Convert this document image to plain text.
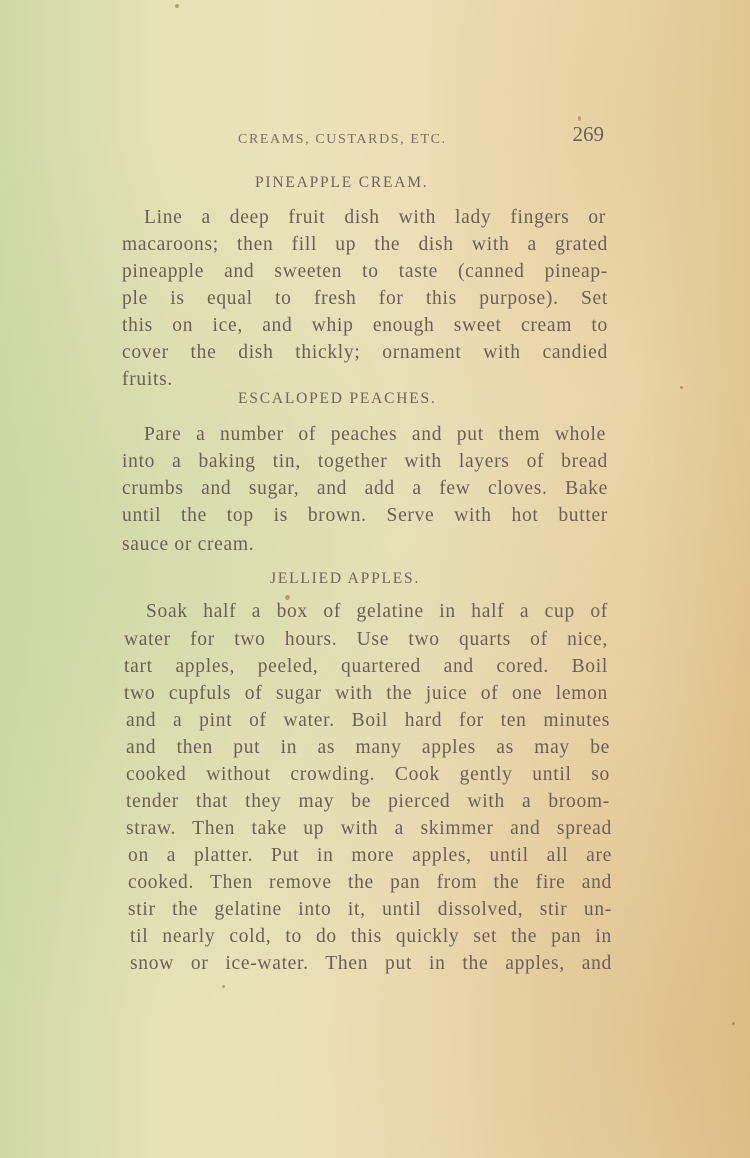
CREAMS, CUSTARDS, ETC.	269
PINEAPPLE CREAM.
Line a deep fruit dish with lady fingers or
macaroons; then fill up the dish with a grated
pineapple and sweeten to taste (canned pineap-
ple is equal to fresh for this purpose). Set
this on ice, and whip enough sweet cream to
cover the dish thickly; ornament with candied
fruits.
ESCALOPED PEACHES.
Pare a number of peaches and put them whole
into a baking tin, together with layers of bread
crumbs and sugar, and add a few cloves. Bake
until the top is brown. Serve with hot butter
sauce or cream.
JELLIED APPLES.
Soak half a box of gelatine in half a cup of
water for two hours. Use two quarts of nice,
tart apples, peeled, quartered and cored. Boil
two cupfuls of sugar with the juice of one lemon
and a pint of water. Boil hard for ten minutes
and then put in as many apples as may be
cooked without crowding. Cook gently until so
tender that they may be pierced with a broom-
straw. Then take up with a skimmer and spread
on a platter. Put in more apples, until all are
cooked. Then remove the pan from the fire and
stir the gelatine into it, until dissolved, stir un-
til nearly cold, to do this quickly set the pan in
snow or ice-water. Then put in the apples, and
